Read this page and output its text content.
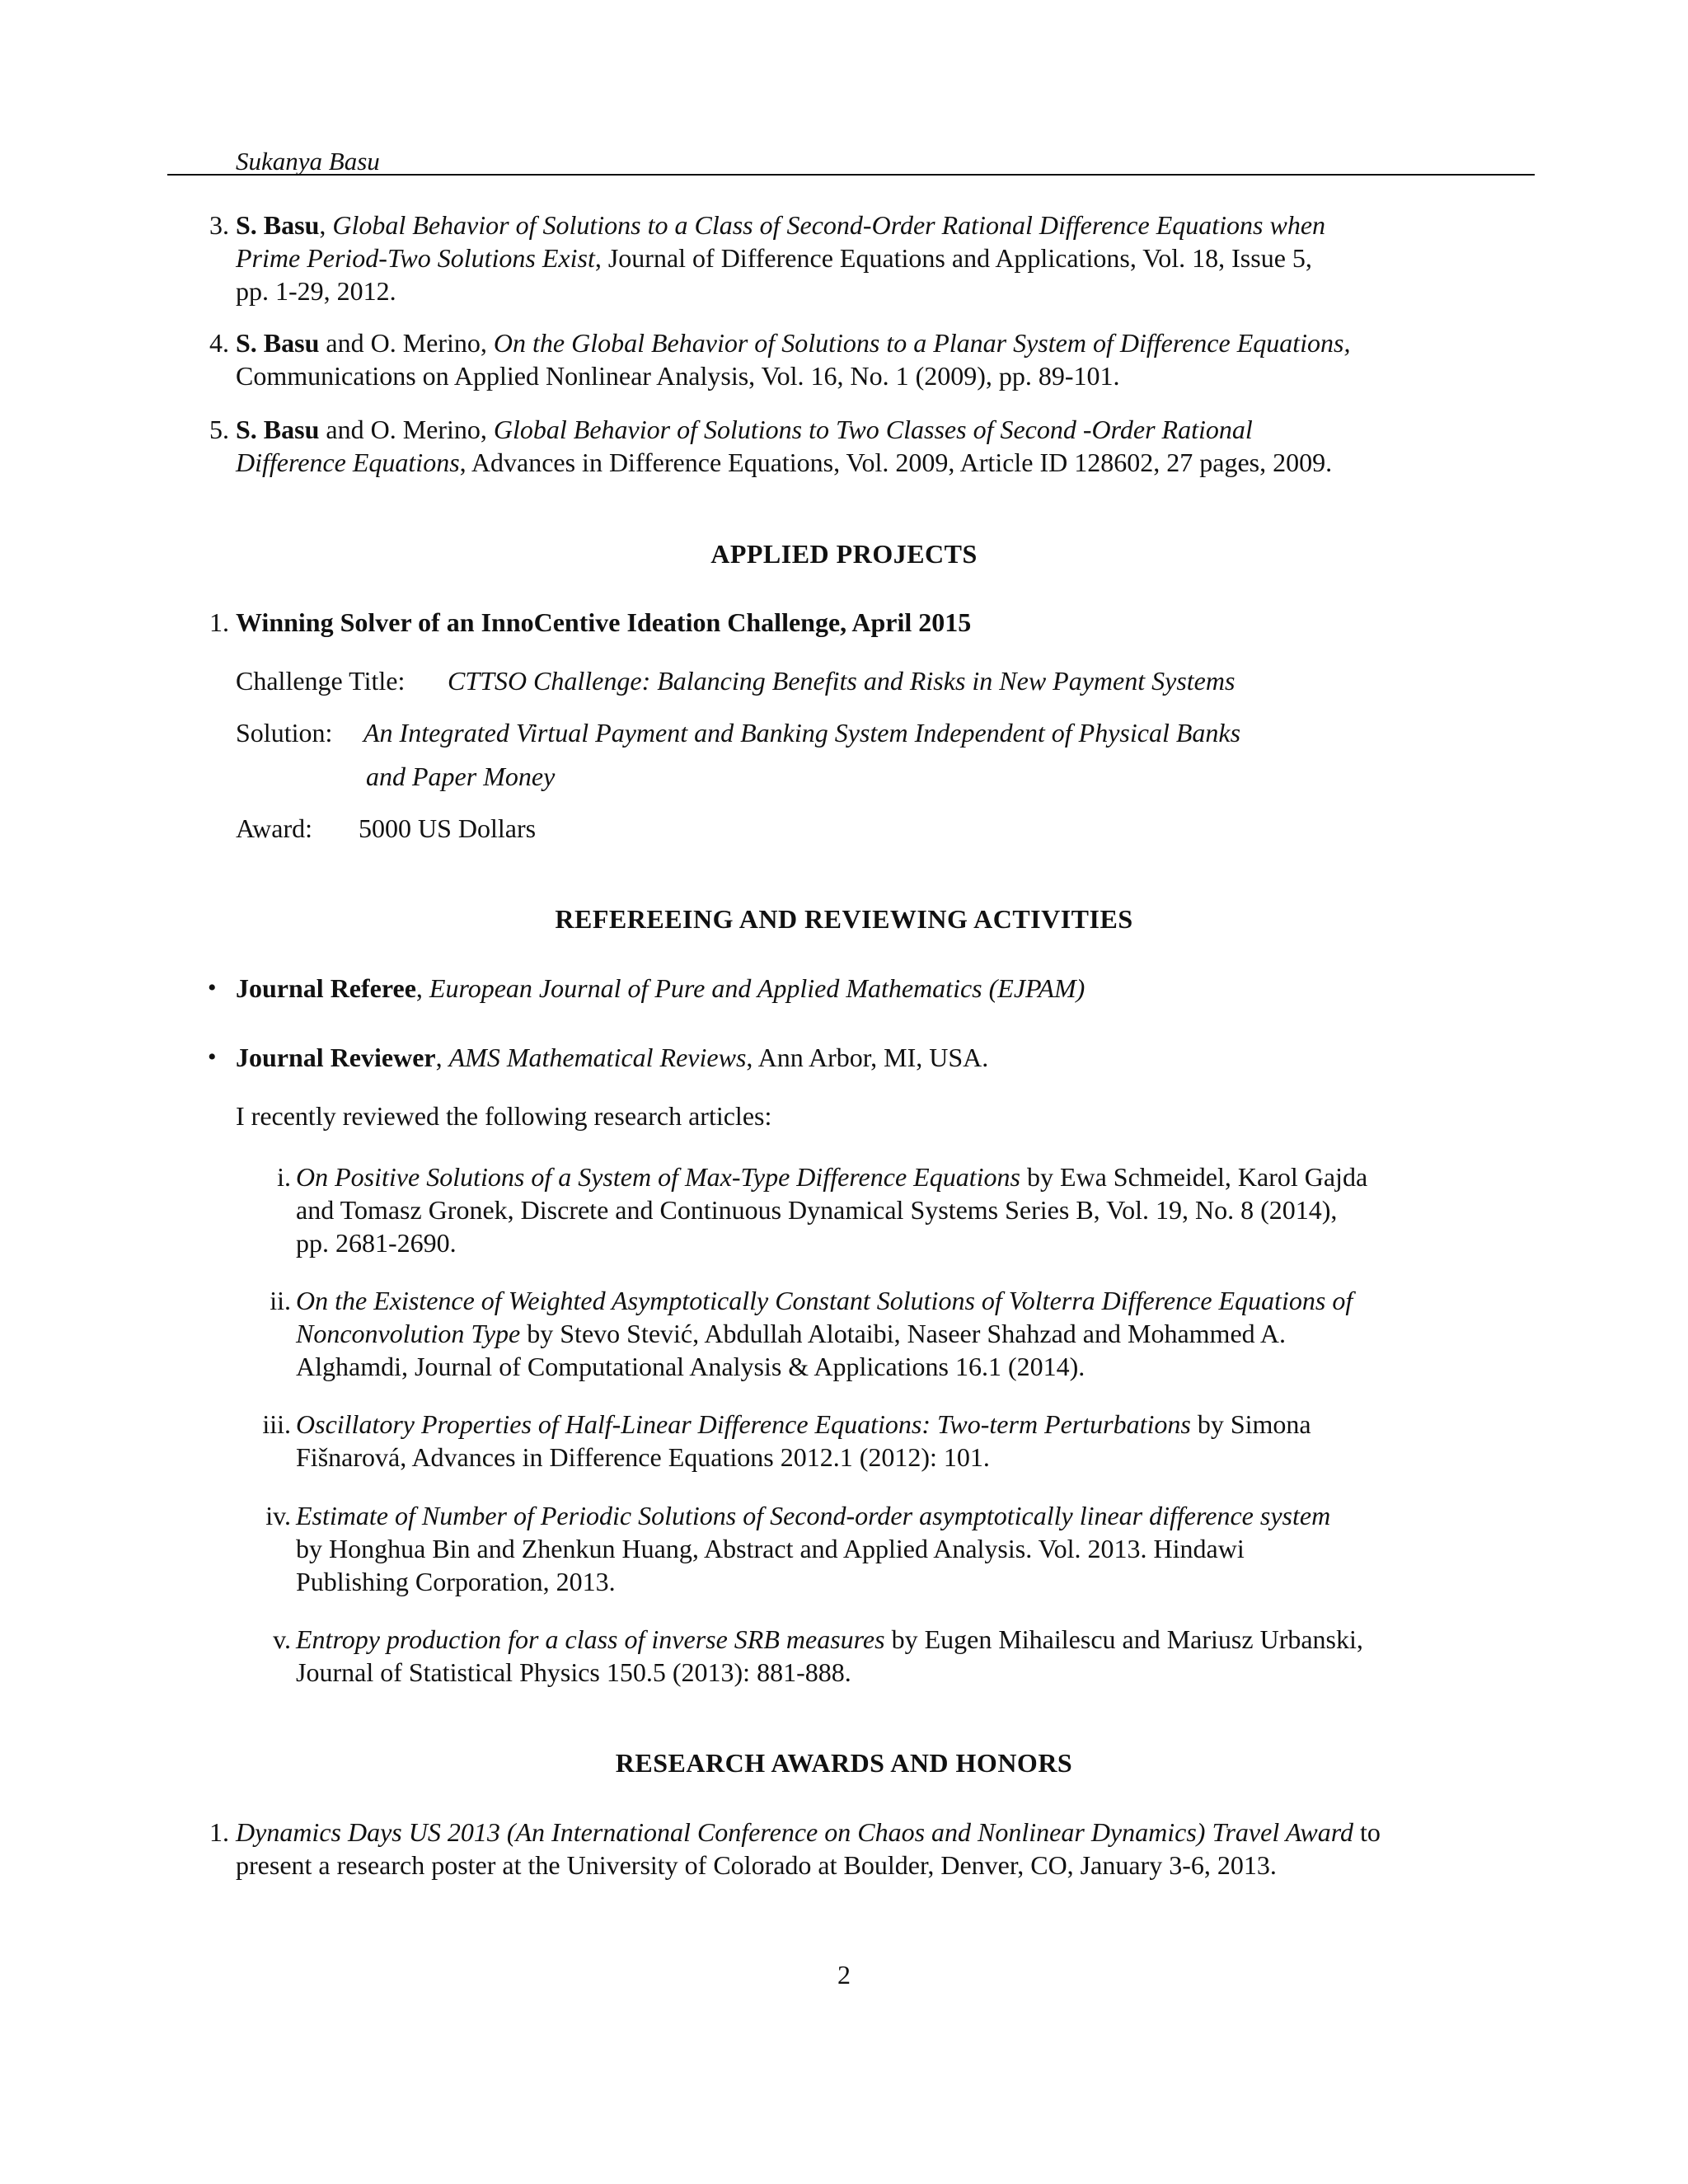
Sukanya Basu
3. S. Basu, Global Behavior of Solutions to a Class of Second-Order Rational Difference Equations when
Prime Period-Two Solutions Exist, Journal of Difference Equations and Applications, Vol. 18, Issue 5,
pp. 1-29, 2012.
4. S. Basu and O. Merino, On the Global Behavior of Solutions to a Planar System of Difference Equations,
Communications on Applied Nonlinear Analysis, Vol. 16, No. 1 (2009), pp. 89-101.
5. S. Basu and O. Merino, Global Behavior of Solutions to Two Classes of Second -Order Rational
Difference Equations, Advances in Difference Equations, Vol. 2009, Article ID 128602, 27 pages, 2009.
APPLIED PROJECTS
1. Winning Solver of an InnoCentive Ideation Challenge, April 2015
Challenge Title: CTTSO Challenge: Balancing Benefits and Risks in New Payment Systems
Solution: An Integrated Virtual Payment and Banking System Independent of Physical Banks
and Paper Money
Award: 5000 US Dollars
REFEREEING AND REVIEWING ACTIVITIES
• Journal Referee, European Journal of Pure and Applied Mathematics (EJPAM)
• Journal Reviewer, AMS Mathematical Reviews, Ann Arbor, MI, USA.
I recently reviewed the following research articles:
i. On Positive Solutions of a System of Max-Type Difference Equations by Ewa Schmeidel, Karol Gajda
and Tomasz Gronek, Discrete and Continuous Dynamical Systems Series B, Vol. 19, No. 8 (2014),
pp. 2681-2690.
ii. On the Existence of Weighted Asymptotically Constant Solutions of Volterra Difference Equations of
Nonconvolution Type by Stevo Stević, Abdullah Alotaibi, Naseer Shahzad and Mohammed A.
Alghamdi, Journal of Computational Analysis & Applications 16.1 (2014).
iii. Oscillatory Properties of Half-Linear Difference Equations: Two-term Perturbations by Simona
Fišnarová, Advances in Difference Equations 2012.1 (2012): 101.
iv. Estimate of Number of Periodic Solutions of Second-order asymptotically linear difference system
by Honghua Bin and Zhenkun Huang, Abstract and Applied Analysis. Vol. 2013. Hindawi
Publishing Corporation, 2013.
v. Entropy production for a class of inverse SRB measures by Eugen Mihailescu and Mariusz Urbanski,
Journal of Statistical Physics 150.5 (2013): 881-888.
RESEARCH AWARDS AND HONORS
1. Dynamics Days US 2013 (An International Conference on Chaos and Nonlinear Dynamics) Travel Award to
present a research poster at the University of Colorado at Boulder, Denver, CO, January 3-6, 2013.
2
